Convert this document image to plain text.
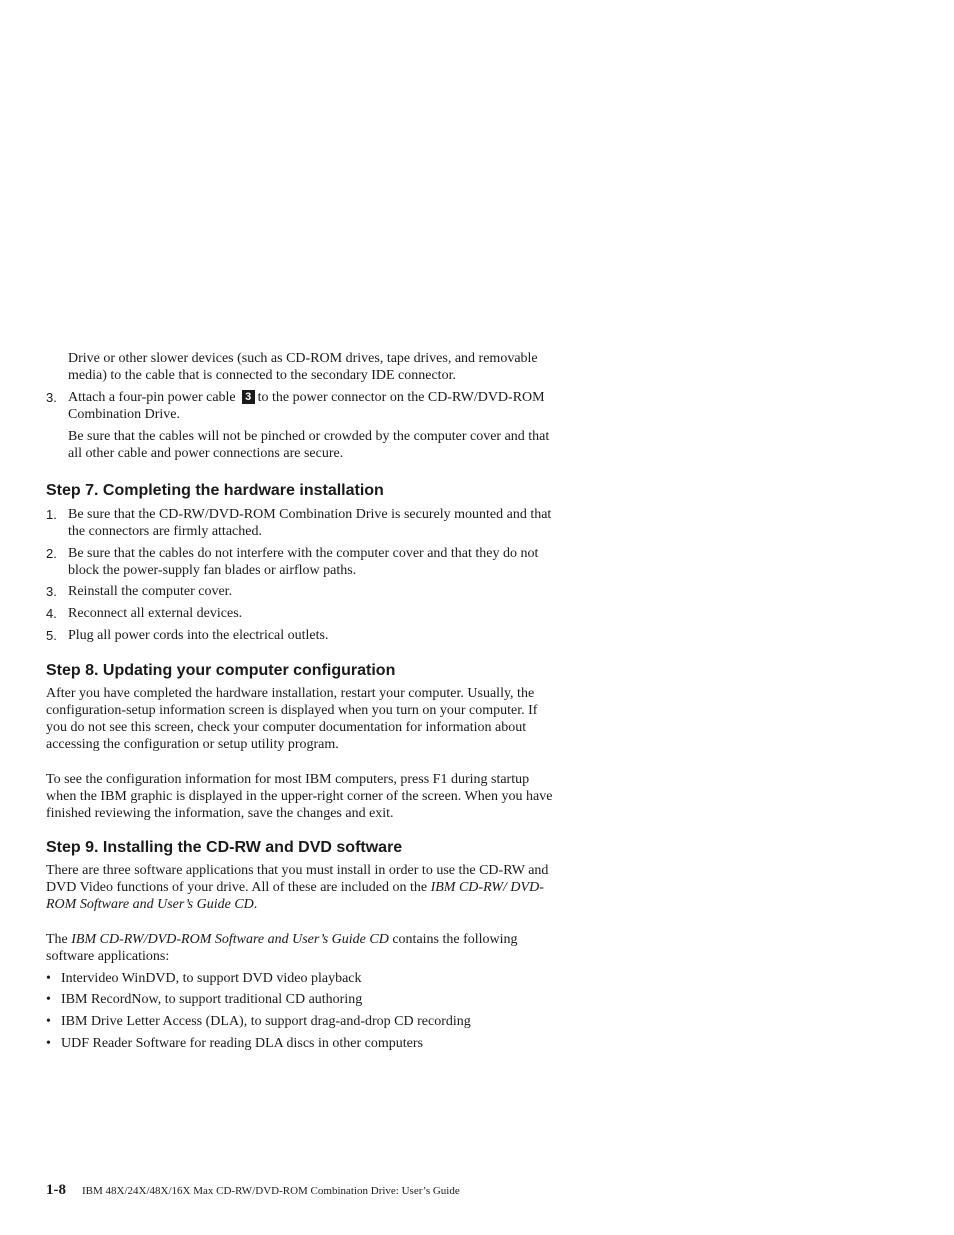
Drive or other slower devices (such as CD-ROM drives, tape drives, and removable media) to the cable that is connected to the secondary IDE connector.
3. Attach a four-pin power cable 3 to the power connector on the CD-RW/DVD-ROM Combination Drive.
Be sure that the cables will not be pinched or crowded by the computer cover and that all other cable and power connections are secure.
Step 7. Completing the hardware installation
1. Be sure that the CD-RW/DVD-ROM Combination Drive is securely mounted and that the connectors are firmly attached.
2. Be sure that the cables do not interfere with the computer cover and that they do not block the power-supply fan blades or airflow paths.
3. Reinstall the computer cover.
4. Reconnect all external devices.
5. Plug all power cords into the electrical outlets.
Step 8. Updating your computer configuration
After you have completed the hardware installation, restart your computer. Usually, the configuration-setup information screen is displayed when you turn on your computer. If you do not see this screen, check your computer documentation for information about accessing the configuration or setup utility program.
To see the configuration information for most IBM computers, press F1 during startup when the IBM graphic is displayed in the upper-right corner of the screen. When you have finished reviewing the information, save the changes and exit.
Step 9. Installing the CD-RW and DVD software
There are three software applications that you must install in order to use the CD-RW and DVD Video functions of your drive. All of these are included on the IBM CD-RW/ DVD-ROM Software and User’s Guide CD.
The IBM CD-RW/DVD-ROM Software and User’s Guide CD contains the following software applications:
• Intervideo WinDVD, to support DVD video playback
• IBM RecordNow, to support traditional CD authoring
• IBM Drive Letter Access (DLA), to support drag-and-drop CD recording
• UDF Reader Software for reading DLA discs in other computers
1-8 IBM 48X/24X/48X/16X Max CD-RW/DVD-ROM Combination Drive: User’s Guide
